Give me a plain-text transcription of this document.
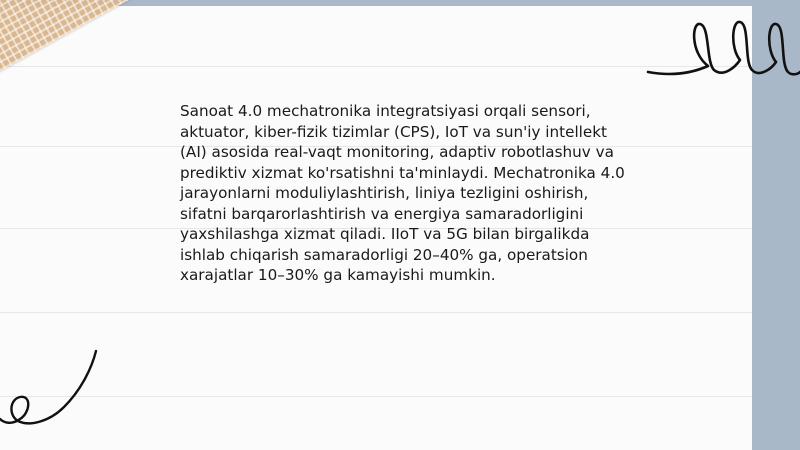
Sanoat 4.0 mechatronika integratsiyasi orqali sensori, aktuator, kiber-fizik tizimlar (CPS), IoT va sun'iy intellekt (AI) asosida real-vaqt monitoring, adaptiv robotlashuv va prediktiv xizmat ko'rsatishni ta'minlaydi. Mechatronika 4.0 jarayonlarni moduliylashtirish, liniya tezligini oshirish, sifatni barqarorlashtirish va energiya samaradorligini yaxshilashga xizmat qiladi. IIoT va 5G bilan birgalikda ishlab chiqarish samaradorligi 20–40% ga, operatsion xarajatlar 10–30% ga kamayishi mumkin.
